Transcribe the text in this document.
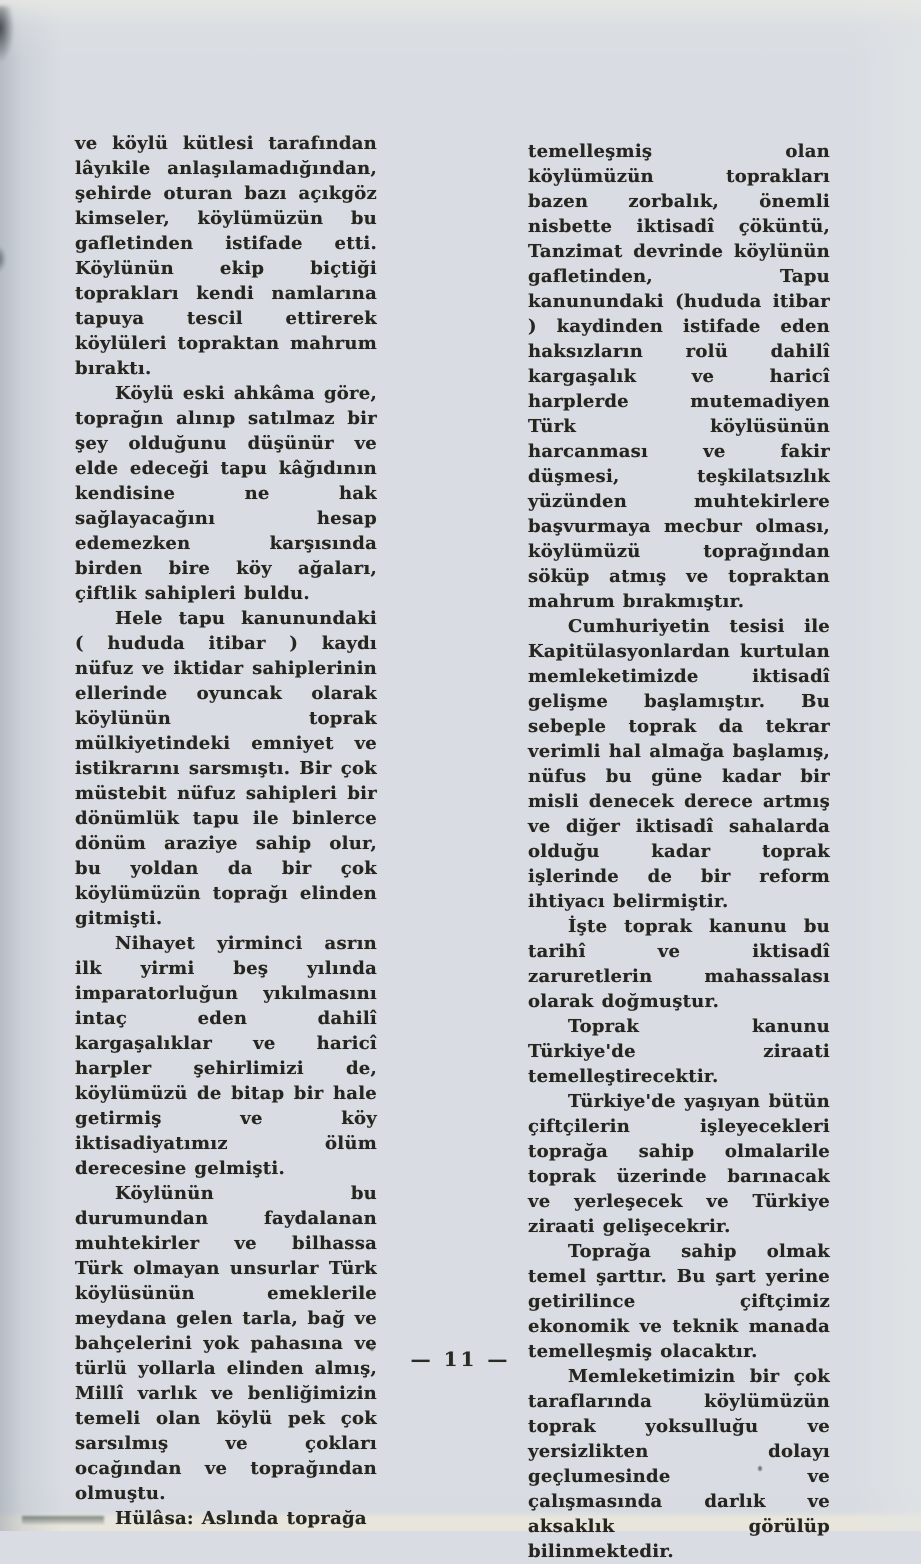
ve köylü kütlesi tarafından lâyıkile anlaşılamadığından, şehirde oturan bazı açıkgöz kimseler, köylümüzün bu gafletinden istifade etti. Köylünün ekip biçtiği toprakları kendi namlarına tapuya tescil ettirerek köylüleri topraktan mahrum bıraktı.

Köylü eski ahkâma göre, toprağın alınıp satılmaz bir şey olduğunu düşünür ve elde edeceği tapu kâğıdının kendisine ne hak sağlayacağını hesap edemezken karşısında birden bire köy ağaları, çiftlik sahipleri buldu.

Hele tapu kanunundaki ( hududa itibar ) kaydı nüfuz ve iktidar sahiplerinin ellerinde oyuncak olarak köylünün toprak mülkiyetindeki emniyet ve istikrarını sarsmıştı. Bir çok müstebit nüfuz sahipleri bir dönümlük tapu ile binlerce dönüm araziye sahip olur, bu yoldan da bir çok köylümüzün toprağı elinden gitmişti.

Nihayet yirminci asrın ilk yirmi beş yılında imparatorluğun yıkılmasını intaç eden dahilî kargaşalıklar ve haricî harpler şehirlimizi de, köylümüzü de bitap bir hale getirmiş ve köy iktisadiyatımız ölüm derecesine gelmişti.

Köylünün bu durumundan faydalanan muhtekirler ve bilhassa Türk olmayan unsurlar Türk köylüsünün emeklerile meydana gelen tarla, bağ ve bahçelerini yok pahasına ve türlü yollarla elinden almış, Millî varlık ve benliğimizin temeli olan köylü pek çok sarsılmış ve çokları ocağından ve toprağından olmuştu.

Hülâsa: Aslında toprağa

temelleşmiş olan köylümüzün toprakları bazen zorbalık, önemli nisbette iktisadî çöküntü, Tanzimat devrinde köylünün gafletinden, Tapu kanunundaki (hududa itibar ) kaydinden istifade eden haksızların rolü dahilî kargaşalık ve haricî harplerde mutemadiyen Türk köylüsünün harcanması ve fakir düşmesi, teşkilatsızlık yüzünden muhtekirlere başvurmaya mecbur olması, köylümüzü toprağından söküp atmış ve topraktan mahrum bırakmıştır.

Cumhuriyetin tesisi ile Kapitülasyonlardan kurtulan memleketimizde iktisadî gelişme başlamıştır. Bu sebeple toprak da tekrar verimli hal almağa başlamış, nüfus bu güne kadar bir misli denecek derece artmış ve diğer iktisadî sahalarda olduğu kadar toprak işlerinde de bir reform ihtiyacı belirmiştir.

İşte toprak kanunu bu tarihî ve iktisadî zaruretlerin mahassalası olarak doğmuştur.

Toprak kanunu Türkiye'de ziraati temelleştirecektir.

Türkiye'de yaşıyan bütün çiftçilerin işleyecekleri toprağa sahip olmalarile toprak üzerinde barınacak ve yerleşecek ve Türkiye ziraati gelişecekrir.

Toprağa sahip olmak temel şarttır. Bu şart yerine getirilince çiftçimiz ekonomik ve teknik manada temelleşmiş olacaktır.

Memleketimizin bir çok taraflarında köylümüzün toprak yoksulluğu ve yersizlikten dolayı geçlumesinde ve çalışmasında darlık ve aksaklık görülüp bilinmektedir.

— 11 —
